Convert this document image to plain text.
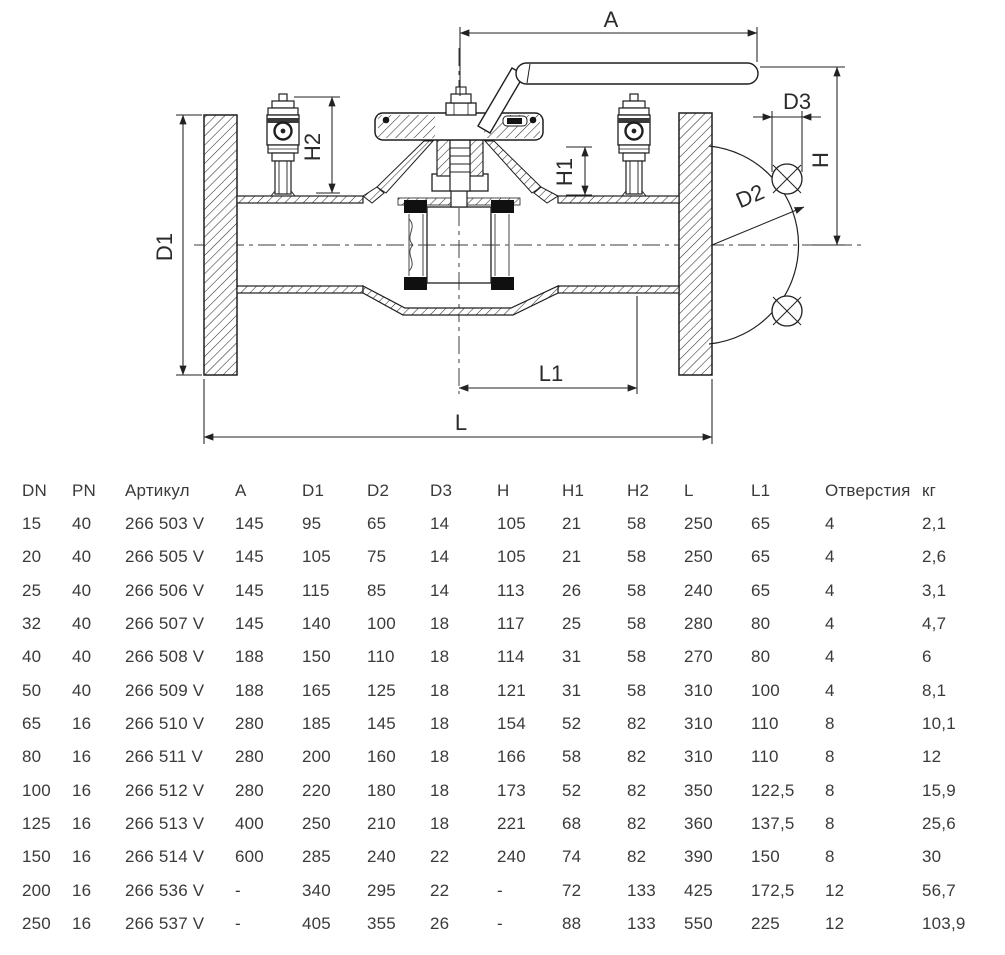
A
D3
H
D2
H2
H1
D1
L1
L
DN	PN	Артикул	A	D1	D2	D3	H	H1	H2	L	L1	Отверстия	кг
15	40	266 503 V	145	95	65	14	105	21	58	250	65	4	2,1
20	40	266 505 V	145	105	75	14	105	21	58	250	65	4	2,6
25	40	266 506 V	145	115	85	14	113	26	58	240	65	4	3,1
32	40	266 507 V	145	140	100	18	117	25	58	280	80	4	4,7
40	40	266 508 V	188	150	110	18	114	31	58	270	80	4	6
50	40	266 509 V	188	165	125	18	121	31	58	310	100	4	8,1
65	16	266 510 V	280	185	145	18	154	52	82	310	110	8	10,1
80	16	266 511 V	280	200	160	18	166	58	82	310	110	8	12
100	16	266 512 V	280	220	180	18	173	52	82	350	122,5	8	15,9
125	16	266 513 V	400	250	210	18	221	68	82	360	137,5	8	25,6
150	16	266 514 V	600	285	240	22	240	74	82	390	150	8	30
200	16	266 536 V	-	340	295	22	-	72	133	425	172,5	12	56,7
250	16	266 537 V	-	405	355	26	-	88	133	550	225	12	103,9
